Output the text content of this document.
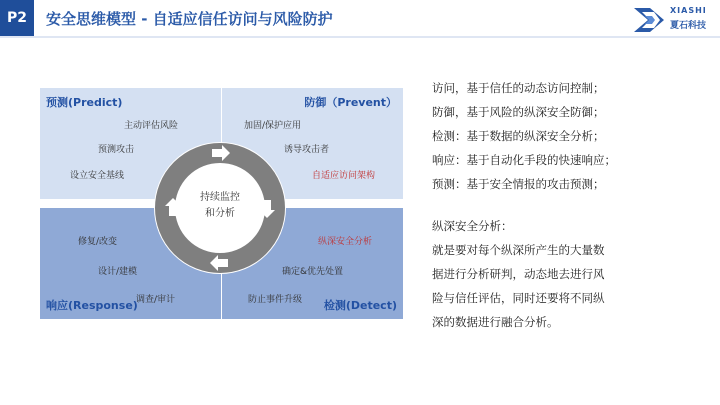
P2	安全思维模型 - 自适应信任访问与风险防护	XIASHI
夏石科技
预测(Predict)
主动评估风险
预测攻击
设立安全基线
防御（Prevent）
加固/保护应用
诱导攻击者
自适应访问架构
修复/改变
设计/建模
调查/审计
响应(Response)
纵深安全分析
确定&优先处置
防止事件升级 检测(Detect)
持续监控
和分析
访问，基于信任的动态访问控制；
防御，基于风险的纵深安全防御；
检测：基于数据的纵深安全分析；
响应：基于自动化手段的快速响应；
预测：基于安全情报的攻击预测；
纵深安全分析：
就是要对每个纵深所产生的大量数
据进行分析研判，动态地去进行风
险与信任评估，同时还要将不同纵
深的数据进行融合分析。
